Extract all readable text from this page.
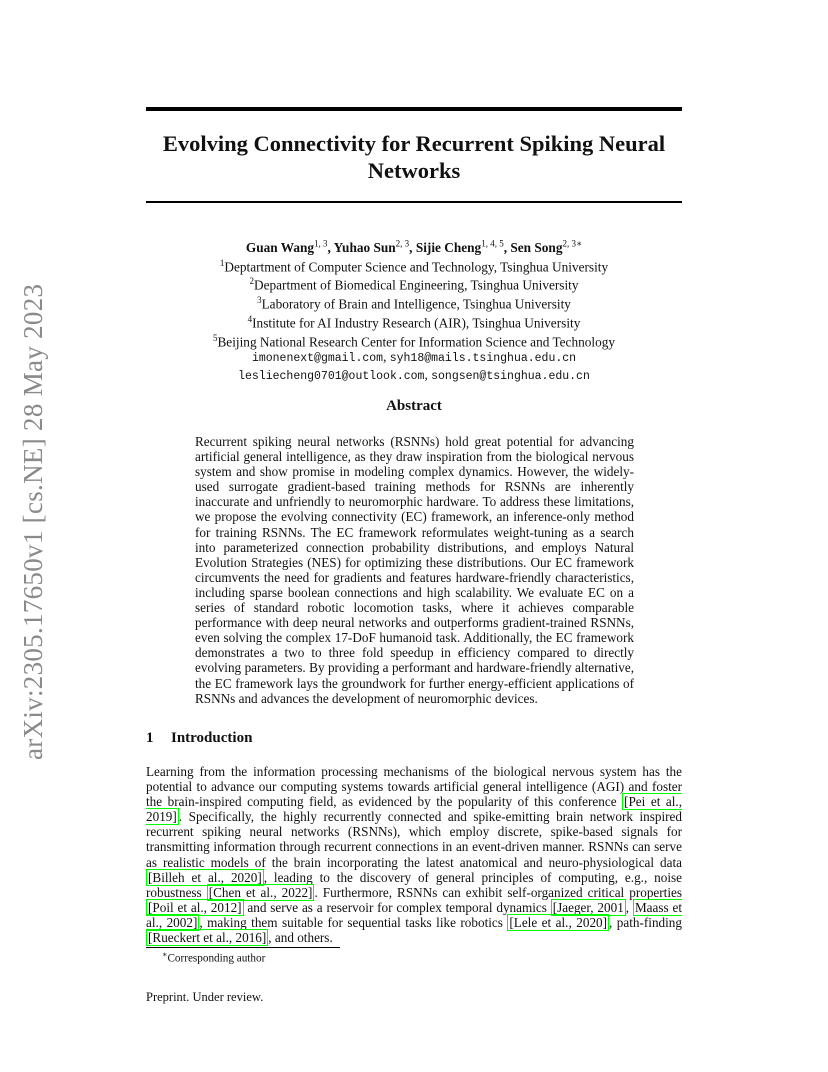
arXiv:2305.17650v1 [cs.NE] 28 May 2023
Evolving Connectivity for Recurrent Spiking Neural Networks
Guan Wang$^{1, 3}$, Yuhao Sun$^{2, 3}$, Sijie Cheng$^{1, 4, 5}$, Sen Song$^{2, 3∗}$
$^1$Deptartment of Computer Science and Technology, Tsinghua University
$^2$Department of Biomedical Engineering, Tsinghua University
$^3$Laboratory of Brain and Intelligence, Tsinghua University
$^4$Institute for AI Industry Research (AIR), Tsinghua University
$^5$Beijing National Research Center for Information Science and Technology
imonenext@gmail.com, syh18@mails.tsinghua.edu.cn
lesliecheng0701@outlook.com, songsen@tsinghua.edu.cn
Abstract
Recurrent spiking neural networks (RSNNs) hold great potential for advancing artificial general intelligence, as they draw inspiration from the biological nervous system and show promise in modeling complex dynamics. However, the widely-used surrogate gradient-based training methods for RSNNs are inherently inaccurate and unfriendly to neuromorphic hardware. To address these limitations, we propose the evolving connectivity (EC) framework, an inference-only method for training RSNNs. The EC framework reformulates weight-tuning as a search into parameterized connection probability distributions, and employs Natural Evolution Strategies (NES) for optimizing these distributions. Our EC framework circumvents the need for gradients and features hardware-friendly characteristics, including sparse boolean connections and high scalability. We evaluate EC on a series of standard robotic locomotion tasks, where it achieves comparable performance with deep neural networks and outperforms gradient-trained RSNNs, even solving the complex 17-DoF humanoid task. Additionally, the EC framework demonstrates a two to three fold speedup in efficiency compared to directly evolving parameters. By providing a performant and hardware-friendly alternative, the EC framework lays the groundwork for further energy-efficient applications of RSNNs and advances the development of neuromorphic devices.
1 Introduction
Learning from the information processing mechanisms of the biological nervous system has the potential to advance our computing systems towards artificial general intelligence (AGI) and foster the brain-inspired computing field, as evidenced by the popularity of this conference [Pei et al., 2019] . Specifically, the highly recurrently connected and spike-emitting brain network inspired recurrent spiking neural networks (RSNNs), which employ discrete, spike-based signals for transmitting information through recurrent connections in an event-driven manner. RSNNs can serve as realistic models of the brain incorporating the latest anatomical and neuro-physiological data [Billeh et al., 2020] , leading to the discovery of general principles of computing, e.g., noise robustness [Chen et al., 2022] . Furthermore, RSNNs can exhibit self-organized critical properties [Poil et al., 2012] and serve as a reservoir for complex temporal dynamics [Jaeger, 2001 , Maass et al., 2002] , making them suitable for sequential tasks like robotics [Lele et al., 2020] , path-finding [Rueckert et al., 2016] , and others.
∗Corresponding author
Preprint. Under review.
